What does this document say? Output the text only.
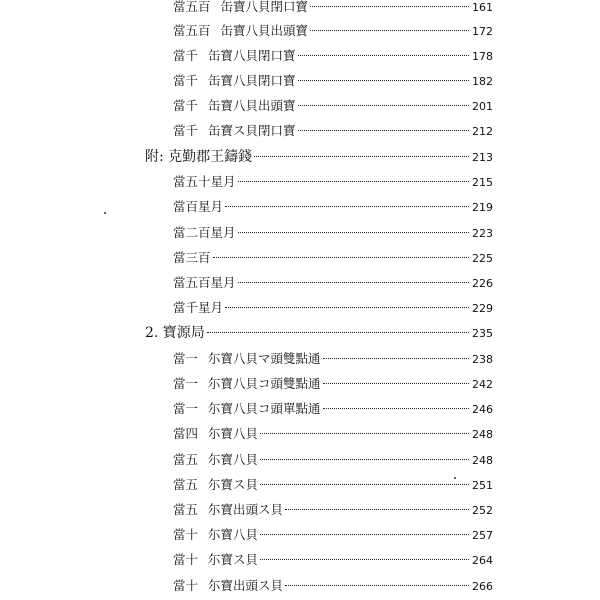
當五百 缶寶八貝閉口寶	161
當五百 缶寶八貝出頭寶	172
當千 缶寶八貝閉口寶	178
當千 缶寶八貝閉口寶	182
當千 缶寶八貝出頭寶	201
當千 缶寶ス貝閉口寶	212
附: 克勤郡王鑄錢	213
當五十星月	215
當百星月	219
當二百星月	223
當三百	225
當五百星月	226
當千星月	229
2. 寶源局	235
當一 尓寶八貝マ頭雙點通	238
當一 尓寶八貝コ頭雙點通	242
當一 尓寶八貝コ頭單點通	246
當四 尓寶八貝	248
當五 尓寶八貝	248
當五 尓寶ス貝	251
當五 尓寶出頭ス貝	252
當十 尓寶八貝	257
當十 尓寶ス貝	264
當十 尓寶出頭ス貝	266
